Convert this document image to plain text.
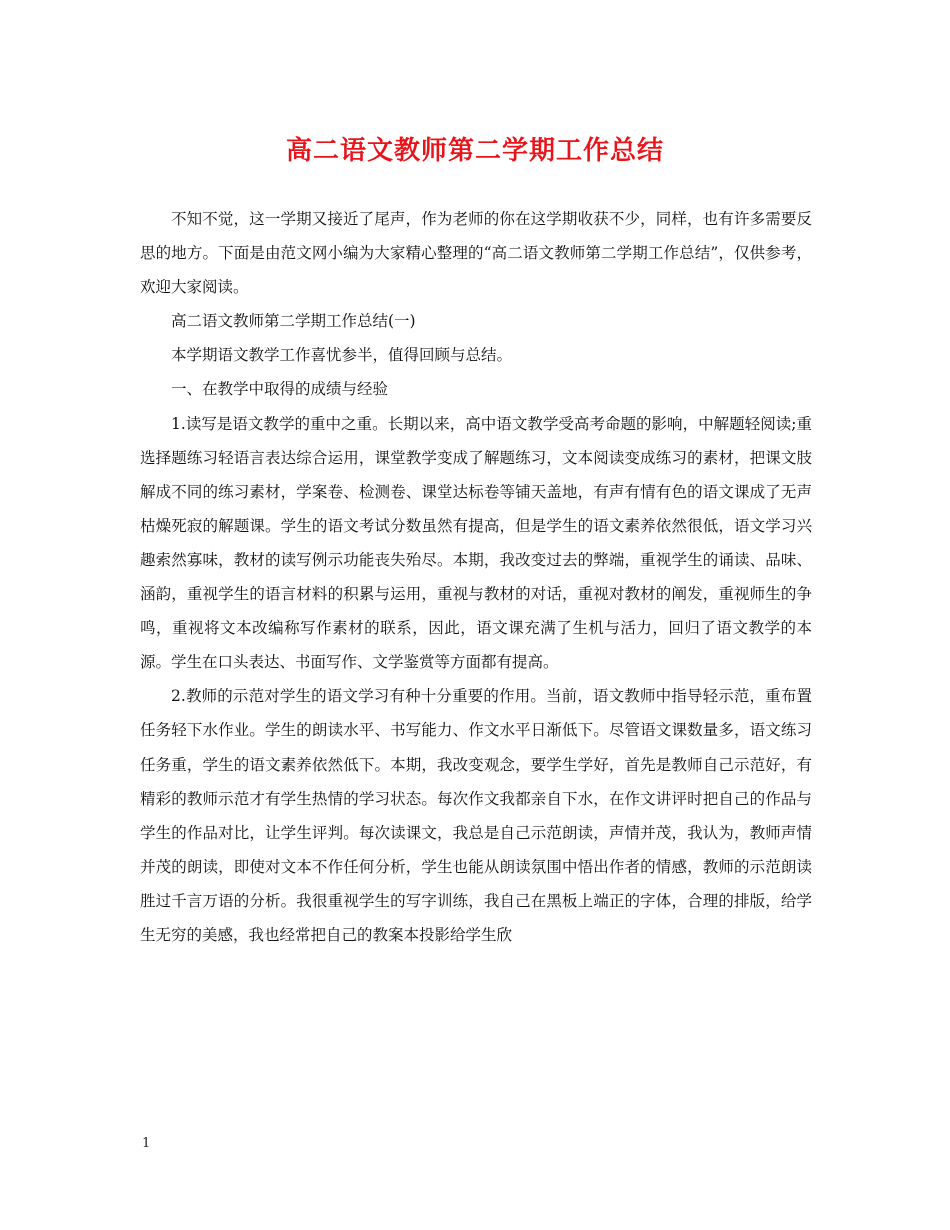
高二语文教师第二学期工作总结

不知不觉，这一学期又接近了尾声，作为老师的你在这学期收获不少，同样，也有许多需要反思的地方。下面是由范文网小编为大家精心整理的“高二语文教师第二学期工作总结”，仅供参考，欢迎大家阅读。

高二语文教师第二学期工作总结(一)

本学期语文教学工作喜忧参半，值得回顾与总结。

一、在教学中取得的成绩与经验

1.读写是语文教学的重中之重。长期以来，高中语文教学受高考命题的影响，中解题轻阅读;重选择题练习轻语言表达综合运用，课堂教学变成了解题练习，文本阅读变成练习的素材，把课文肢解成不同的练习素材，学案卷、检测卷、课堂达标卷等铺天盖地，有声有情有色的语文课成了无声枯燥死寂的解题课。学生的语文考试分数虽然有提高，但是学生的语文素养依然很低，语文学习兴趣索然寡味，教材的读写例示功能丧失殆尽。本期，我改变过去的弊端，重视学生的诵读、品味、涵韵，重视学生的语言材料的积累与运用，重视与教材的对话，重视对教材的阐发，重视师生的争鸣，重视将文本改编称写作素材的联系，因此，语文课充满了生机与活力，回归了语文教学的本源。学生在口头表达、书面写作、文学鉴赏等方面都有提高。

2.教师的示范对学生的语文学习有种十分重要的作用。当前，语文教师中指导轻示范，重布置任务轻下水作业。学生的朗读水平、书写能力、作文水平日渐低下。尽管语文课数量多，语文练习任务重，学生的语文素养依然低下。本期，我改变观念，要学生学好，首先是教师自己示范好，有精彩的教师示范才有学生热情的学习状态。每次作文我都亲自下水，在作文讲评时把自己的作品与学生的作品对比，让学生评判。每次读课文，我总是自己示范朗读，声情并茂，我认为，教师声情并茂的朗读，即使对文本不作任何分析，学生也能从朗读氛围中悟出作者的情感，教师的示范朗读胜过千言万语的分析。我很重视学生的写字训练，我自己在黑板上端正的字体，合理的排版，给学生无穷的美感，我也经常把自己的教案本投影给学生欣

1
